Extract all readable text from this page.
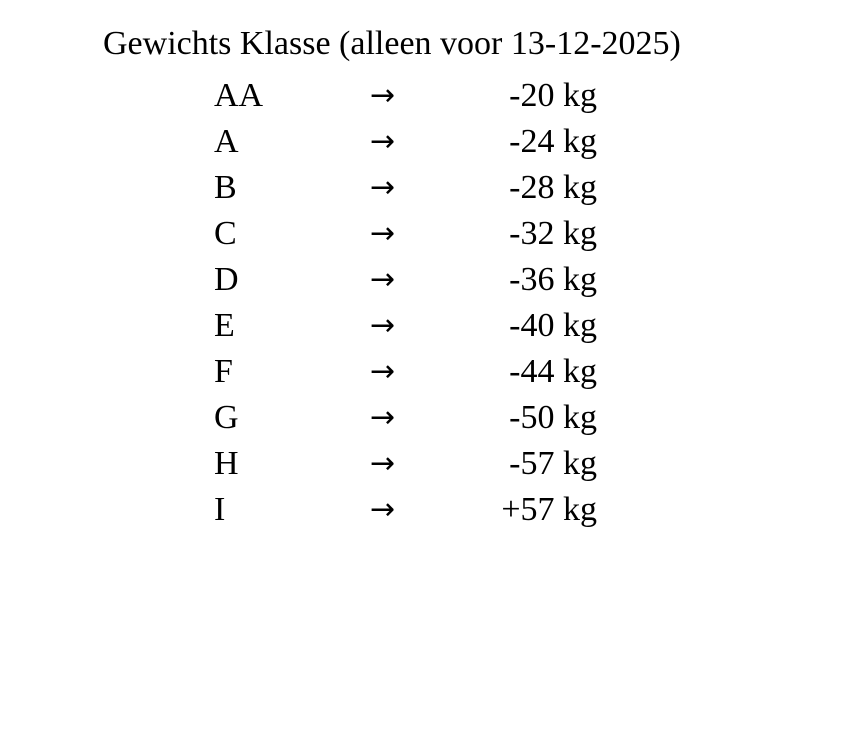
Gewichts Klasse (alleen voor 13-12-2025)
AA	→	-20 kg
A	→	-24 kg
B	→	-28 kg
C	→	-32 kg
D	→	-36 kg
E	→	-40 kg
F	→	-44 kg
G	→	-50 kg
H	→	-57 kg
I	→	+57 kg
